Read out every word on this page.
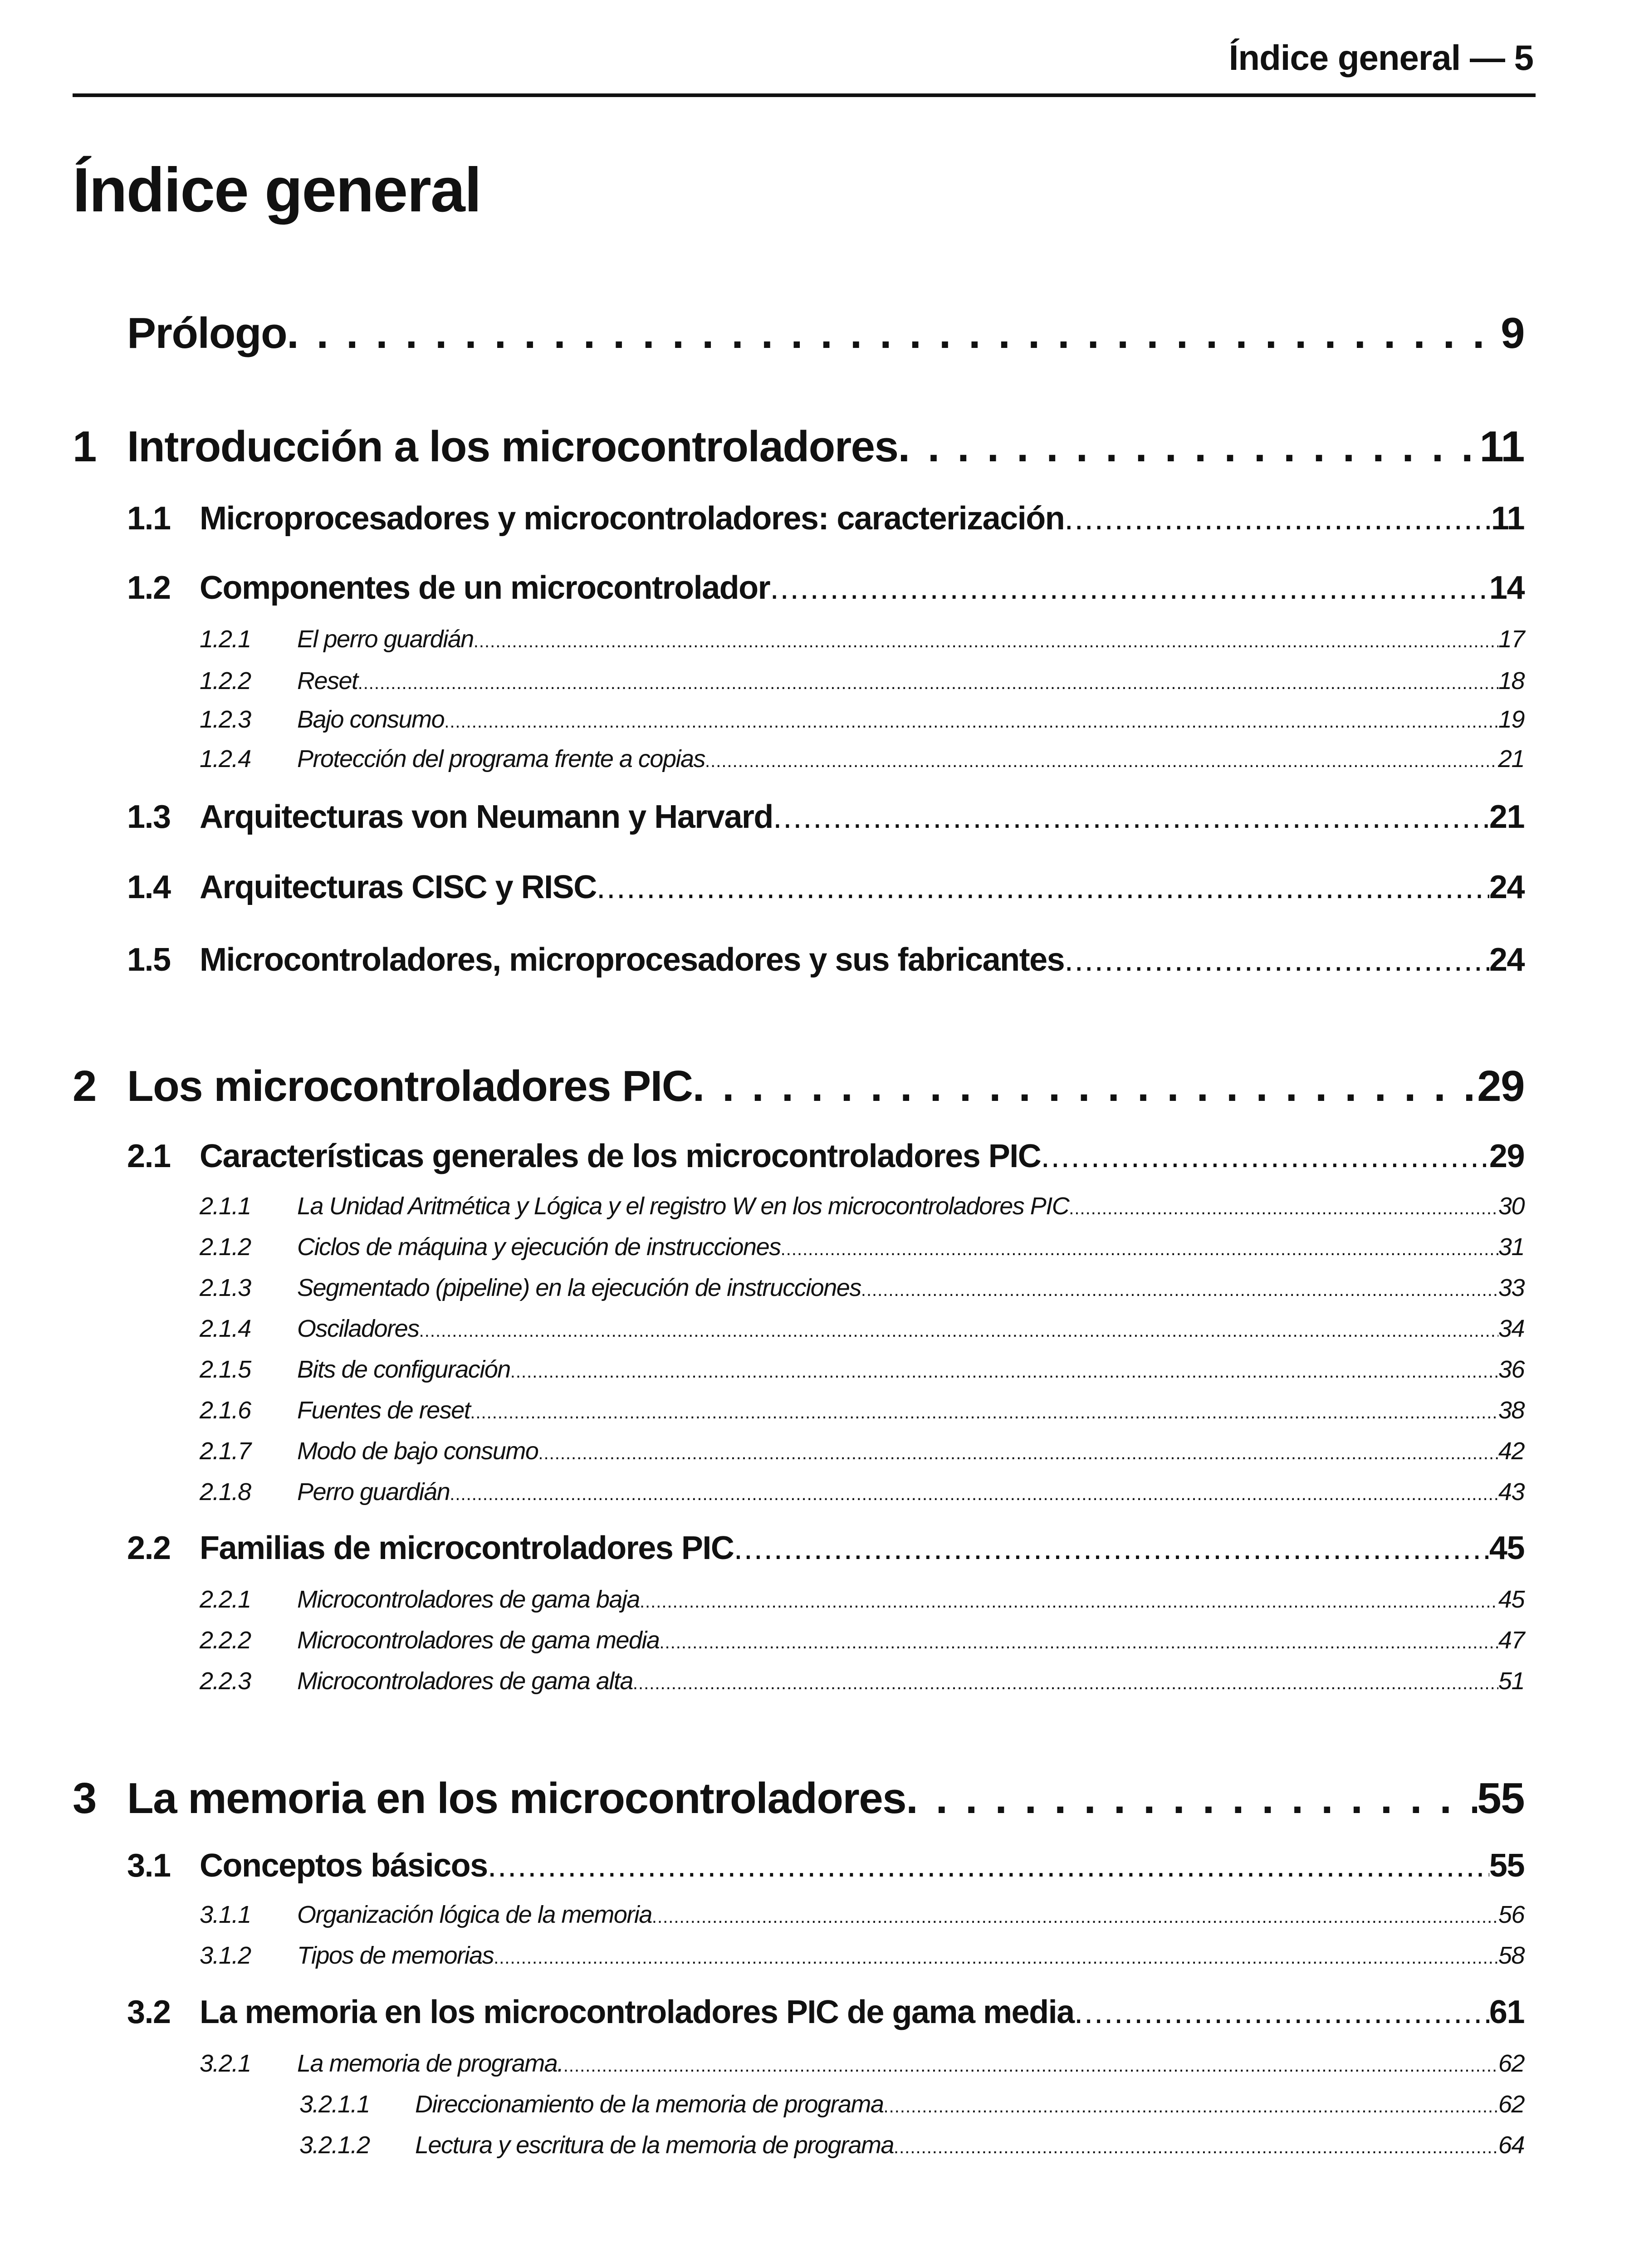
Índice general — 5
Índice general
Prólogo . . .	9
1 Introducción a los microcontroladores . . .	11
1.1 Microprocesadores y microcontroladores: caracterización .....	11
1.2 Componentes de un microcontrolador .....	14
1.2.1	El perro guardián .....	17
1.2.2	Reset .....	18
1.2.3	Bajo consumo .....	19
1.2.4	Protección del programa frente a copias .....	21
1.3 Arquitecturas von Neumann y Harvard .....	21
1.4 Arquitecturas CISC y RISC .....	24
1.5 Microcontroladores, microprocesadores y sus fabricantes .....	24
2 Los microcontroladores PIC . . .	29
2.1 Características generales de los microcontroladores PIC .....	29
2.1.1	La Unidad Aritmética y Lógica y el registro W en los microcontroladores PIC .....	30
2.1.2	Ciclos de máquina y ejecución de instrucciones .....	31
2.1.3	Segmentado (pipeline) en la ejecución de instrucciones .....	33
2.1.4	Osciladores .....	34
2.1.5	Bits de configuración .....	36
2.1.6	Fuentes de reset .....	38
2.1.7	Modo de bajo consumo .....	42
2.1.8	Perro guardián .....	43
2.2 Familias de microcontroladores PIC .....	45
2.2.1	Microcontroladores de gama baja .....	45
2.2.2	Microcontroladores de gama media .....	47
2.2.3	Microcontroladores de gama alta .....	51
3 La memoria en los microcontroladores . . .	55
3.1 Conceptos básicos .....	55
3.1.1	Organización lógica de la memoria .....	56
3.1.2	Tipos de memorias .....	58
3.2 La memoria en los microcontroladores PIC de gama media .....	61
3.2.1	La memoria de programa. .....	62
3.2.1.1	Direccionamiento de la memoria de programa .....	62
3.2.1.2	Lectura y escritura de la memoria de programa .....	64
